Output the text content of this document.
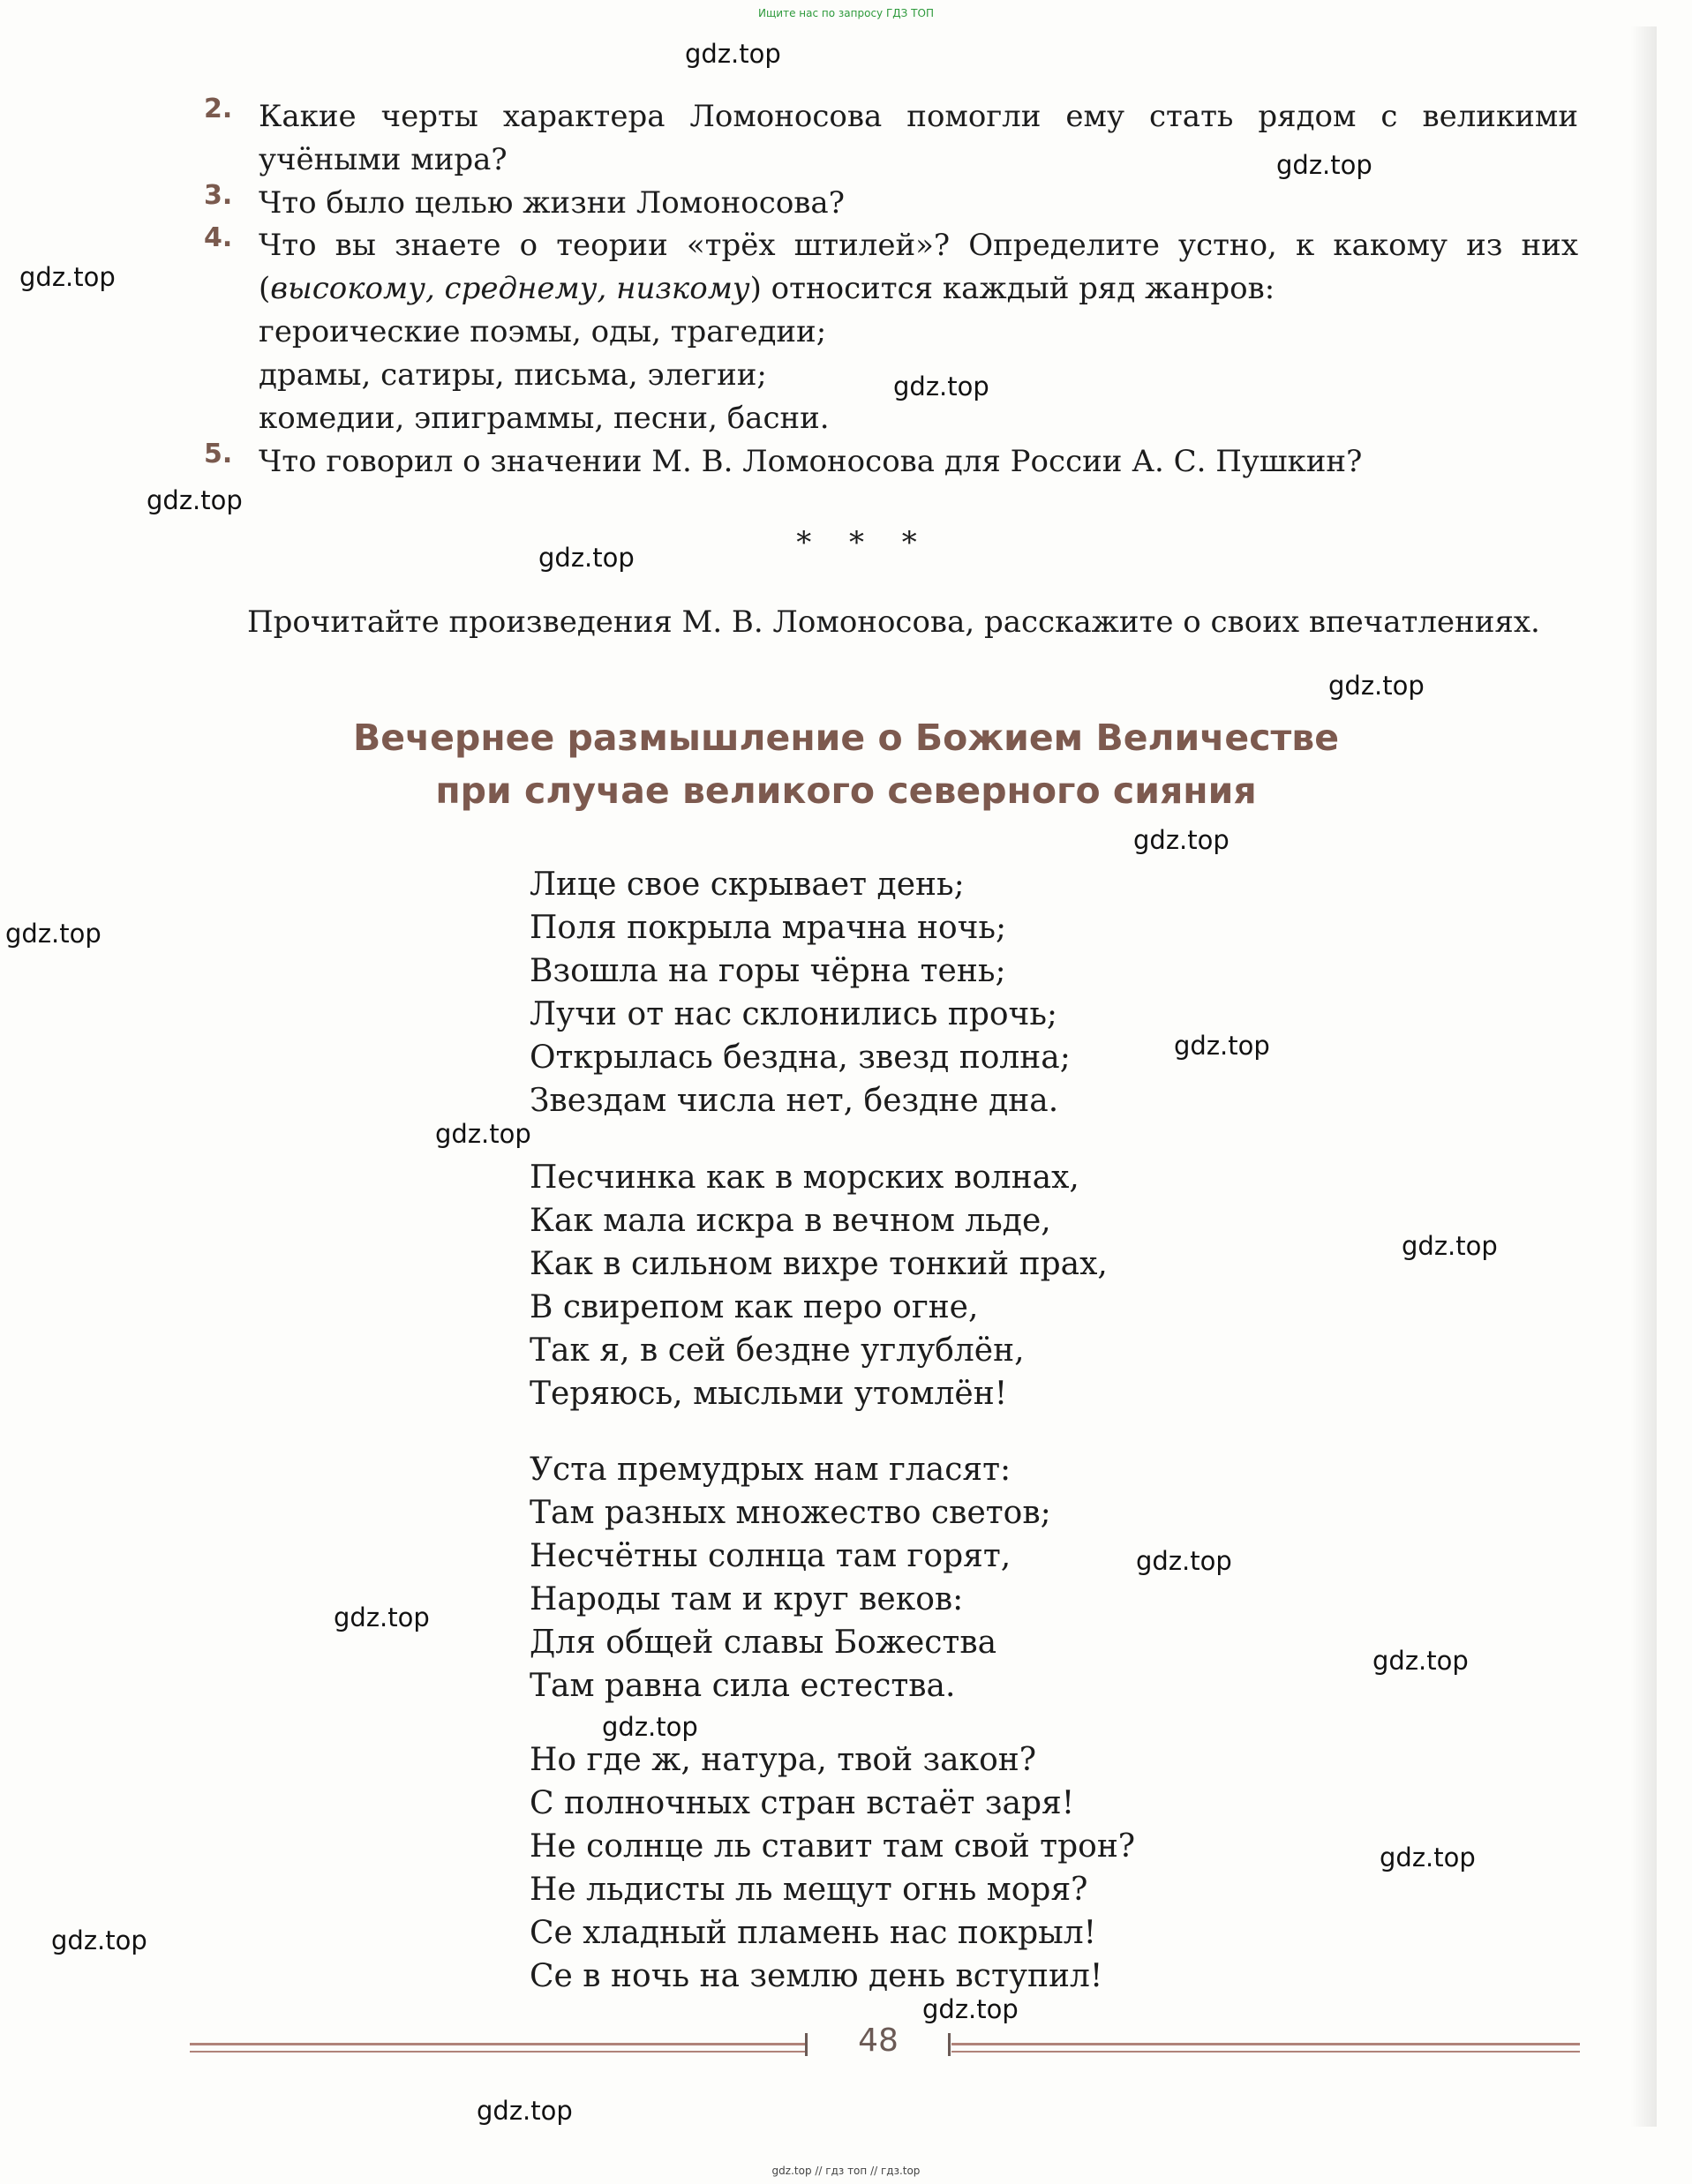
Ищите нас по запросу ГДЗ ТОП
gdz.top
gdz.top
gdz.top
gdz.top
gdz.top
gdz.top
gdz.top
gdz.top
gdz.top
gdz.top
gdz.top
gdz.top
gdz.top
gdz.top
gdz.top
gdz.top
gdz.top
gdz.top
gdz.top
gdz.top
2. Какие черты характера Ломоносова помогли ему стать рядом с великими учёными мира?
3. Что было целью жизни Ломоносова?
4. Что вы знаете о теории «трёх штилей»? Определите устно, к какому из них (высокому, среднему, низкому) относится каждый ряд жанров:
героические поэмы, оды, трагедии;
драмы, сатиры, письма, элегии;
комедии, эпиграммы, песни, басни.
5. Что говорил о значении М. В. Ломоносова для России А. С. Пушкин?
* * *
Прочитайте произведения М. В. Ломоносова, расскажите о своих впечатлениях.
Вечернее размышление о Божием Величестве
при случае великого северного сияния
Лице свое скрывает день;
Поля покрыла мрачна ночь;
Взошла на горы чёрна тень;
Лучи от нас склонились прочь;
Открылась бездна, звезд полна;
Звездам числа нет, бездне дна.
Песчинка как в морских волнах,
Как мала искра в вечном льде,
Как в сильном вихре тонкий прах,
В свирепом как перо огне,
Так я, в сей бездне углублён,
Теряюсь, мысльми утомлён!
Уста премудрых нам гласят:
Там разных множество светов;
Несчётны солнца там горят,
Народы там и круг веков:
Для общей славы Божества
Там равна сила естества.
Но где ж, натура, твой закон?
С полночных стран встаёт заря!
Не солнце ль ставит там свой трон?
Не льдисты ль мещут огнь моря?
Се хладный пламень нас покрыл!
Се в ночь на землю день вступил!
48
gdz.top // гдз топ // гдз.top
